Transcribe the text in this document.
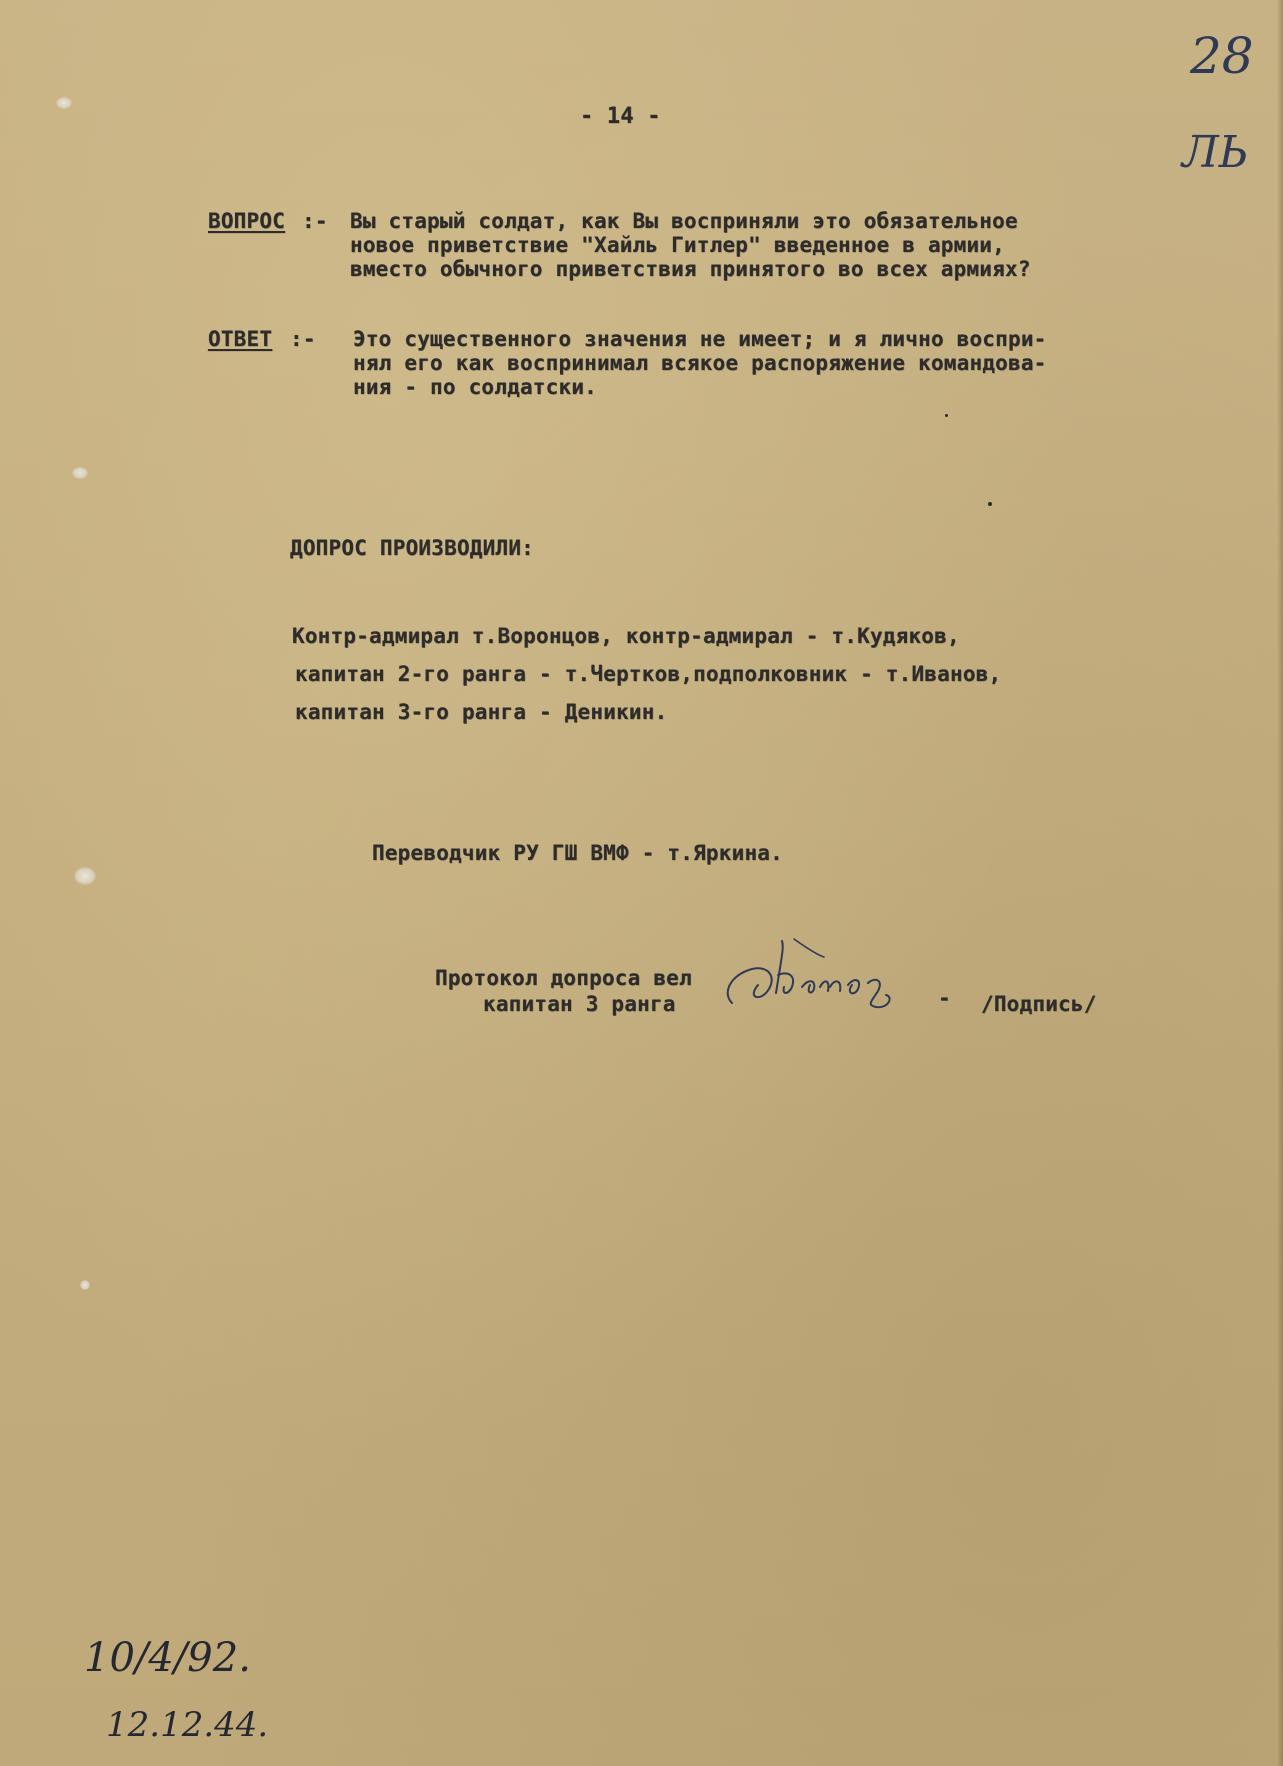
28
ЛЬ
- 14 -
ВОПРОС :- Вы старый солдат, как Вы восприняли это обязательное
новое приветствие "Хайль Гитлер" введенное в армии,
вместо обычного приветствия принятого во всех армиях?
ОТВЕТ :- Это существенного значения не имеет; и я лично воспри-
нял его как воспринимал всякое распоряжение командова-
ния - по солдатски.
ДОПРОС ПРОИЗВОДИЛИ:
Контр-адмирал т.Воронцов, контр-адмирал - т.Кудяков,
капитан 2-го ранга - т.Чертков,подполковник - т.Иванов,
капитан 3-го ранга - Деникин.
Переводчик РУ ГШ ВМФ - т.Яркина.
Протокол допроса вел
капитан 3 ранга	- /Подпись/
10/4/92.
12.12.44.
